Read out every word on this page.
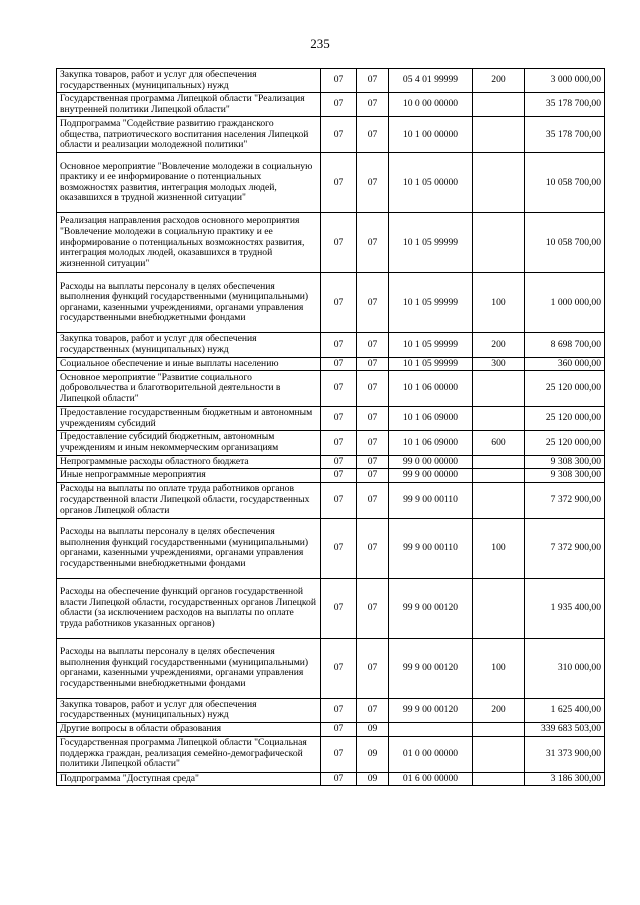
235
Закупка товаров, работ и услуг для обеспечения государственных (муниципальных) нужд	07	07	05 4 01 99999	200	3 000 000,00
Государственная программа Липецкой области "Реализация внутренней политики Липецкой области"	07	07	10 0 00 00000		35 178 700,00
Подпрограмма "Содействие развитию гражданского общества, патриотического воспитания населения Липецкой области и реализации молодежной политики"	07	07	10 1 00 00000		35 178 700,00
Основное мероприятие "Вовлечение молодежи в социальную практику и ее информирование о потенциальных возможностях развития, интеграция молодых людей, оказавшихся в трудной жизненной ситуации"	07	07	10 1 05 00000		10 058 700,00
Реализация направления расходов основного мероприятия "Вовлечение молодежи в социальную практику и ее информирование о потенциальных возможностях развития, интеграция молодых людей, оказавшихся в трудной жизненной ситуации"	07	07	10 1 05 99999		10 058 700,00
Расходы на выплаты персоналу в целях обеспечения выполнения функций государственными (муниципальными) органами, казенными учреждениями, органами управления государственными внебюджетными фондами	07	07	10 1 05 99999	100	1 000 000,00
Закупка товаров, работ и услуг для обеспечения государственных (муниципальных) нужд	07	07	10 1 05 99999	200	8 698 700,00
Социальное обеспечение и иные выплаты населению	07	07	10 1 05 99999	300	360 000,00
Основное мероприятие "Развитие социального добровольчества и благотворительной деятельности в Липецкой области"	07	07	10 1 06 00000		25 120 000,00
Предоставление государственным бюджетным и автономным учреждениям субсидий	07	07	10 1 06 09000		25 120 000,00
Предоставление субсидий бюджетным, автономным учреждениям и иным некоммерческим организациям	07	07	10 1 06 09000	600	25 120 000,00
Непрограммные расходы областного бюджета	07	07	99 0 00 00000		9 308 300,00
Иные непрограммные мероприятия	07	07	99 9 00 00000		9 308 300,00
Расходы на выплаты по оплате труда работников органов государственной власти Липецкой области, государственных органов Липецкой области	07	07	99 9 00 00110		7 372 900,00
Расходы на выплаты персоналу в целях обеспечения выполнения функций государственными (муниципальными) органами, казенными учреждениями, органами управления государственными внебюджетными фондами	07	07	99 9 00 00110	100	7 372 900,00
Расходы на обеспечение функций органов государственной власти Липецкой области, государственных органов Липецкой области (за исключением расходов на выплаты по оплате труда работников указанных органов)	07	07	99 9 00 00120		1 935 400,00
Расходы на выплаты персоналу в целях обеспечения выполнения функций государственными (муниципальными) органами, казенными учреждениями, органами управления государственными внебюджетными фондами	07	07	99 9 00 00120	100	310 000,00
Закупка товаров, работ и услуг для обеспечения государственных (муниципальных) нужд	07	07	99 9 00 00120	200	1 625 400,00
Другие вопросы в области образования	07	09			339 683 503,00
Государственная программа Липецкой области "Социальная поддержка граждан, реализация семейно-демографической политики Липецкой области"	07	09	01 0 00 00000		31 373 900,00
Подпрограмма "Доступная среда"	07	09	01 6 00 00000		3 186 300,00
